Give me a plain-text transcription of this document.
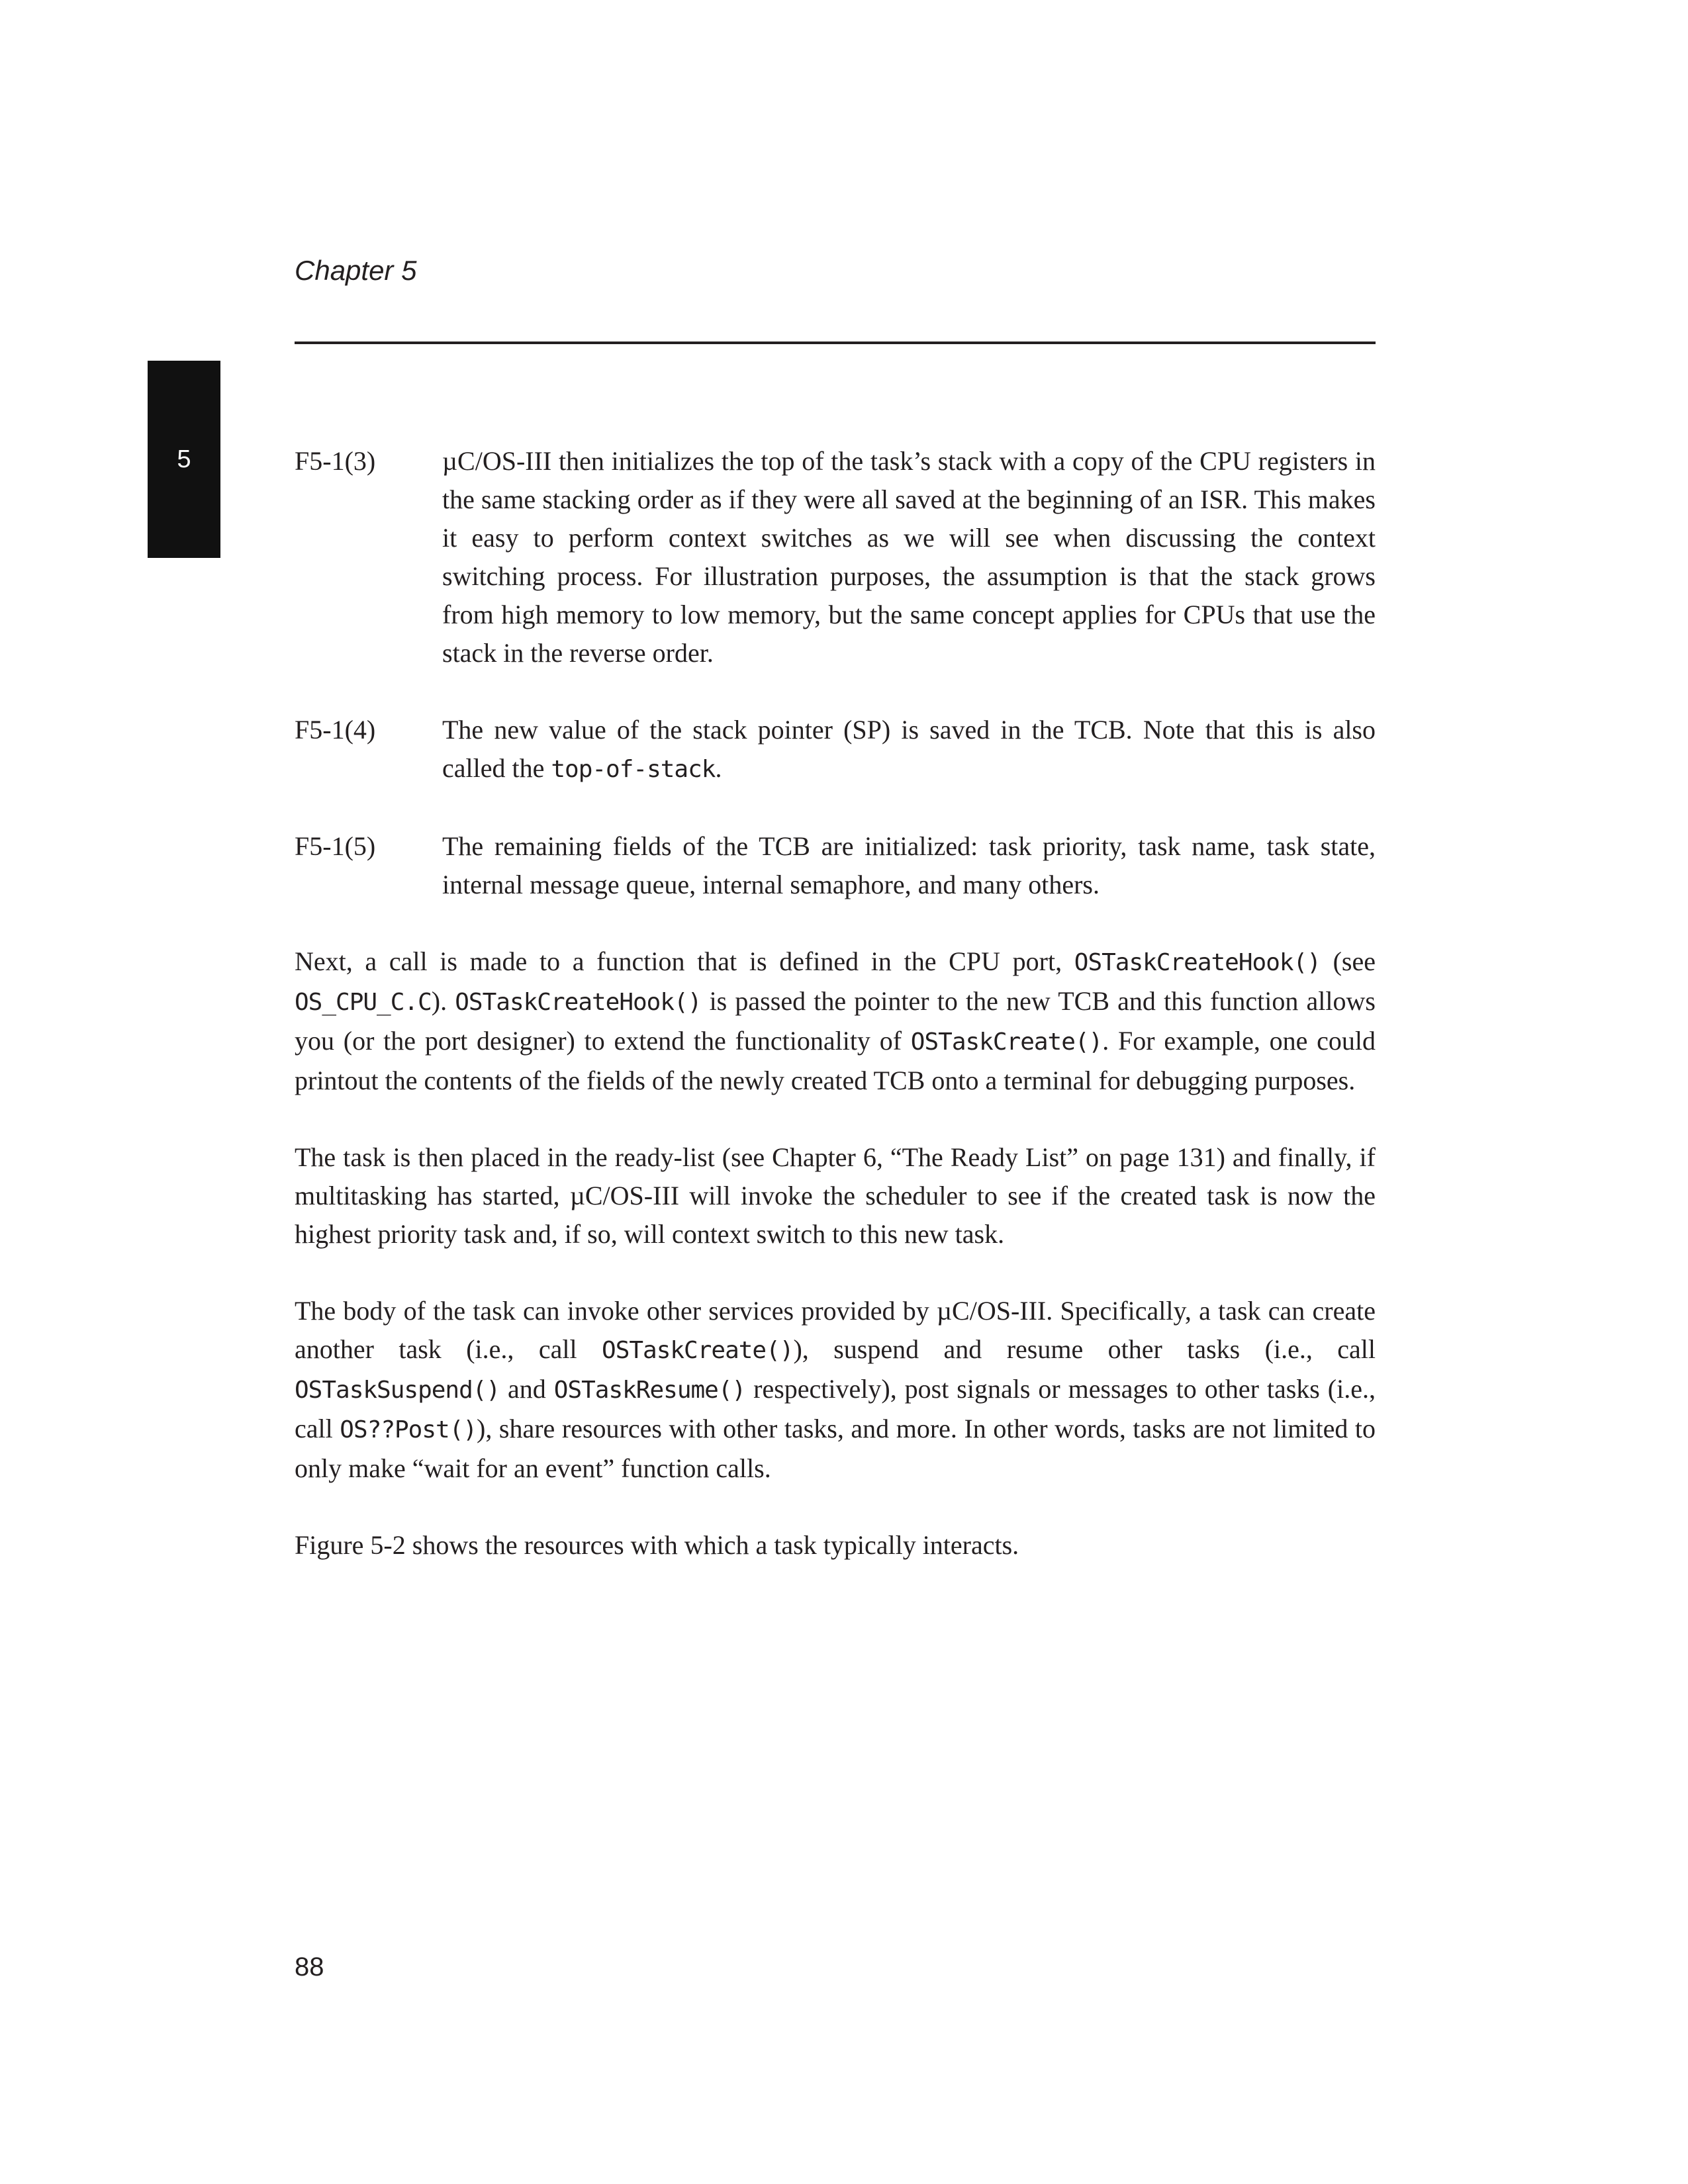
Chapter 5
5	F5-1(3)	µC/OS-III then initializes the top of the task’s stack with a copy of the CPU registers in the same stacking order as if they were all saved at the beginning of an ISR. This makes it easy to perform context switches as we will see when discussing the context switching process. For illustration purposes, the assumption is that the stack grows from high memory to low memory, but the same concept applies for CPUs that use the stack in the reverse order.
F5-1(4)	The new value of the stack pointer (SP) is saved in the TCB. Note that this is also called the top-of-stack.
F5-1(5)	The remaining fields of the TCB are initialized: task priority, task name, task state, internal message queue, internal semaphore, and many others.

Next, a call is made to a function that is defined in the CPU port, OSTaskCreateHook() (see OS_CPU_C.C). OSTaskCreateHook() is passed the pointer to the new TCB and this function allows you (or the port designer) to extend the functionality of OSTaskCreate(). For example, one could printout the contents of the fields of the newly created TCB onto a terminal for debugging purposes.

The task is then placed in the ready-list (see Chapter 6, “The Ready List” on page 131) and finally, if multitasking has started, µC/OS-III will invoke the scheduler to see if the created task is now the highest priority task and, if so, will context switch to this new task.

The body of the task can invoke other services provided by µC/OS-III. Specifically, a task can create another task (i.e., call OSTaskCreate()), suspend and resume other tasks (i.e., call OSTaskSuspend() and OSTaskResume() respectively), post signals or messages to other tasks (i.e., call OS??Post()), share resources with other tasks, and more. In other words, tasks are not limited to only make “wait for an event” function calls.

Figure 5-2 shows the resources with which a task typically interacts.

88
